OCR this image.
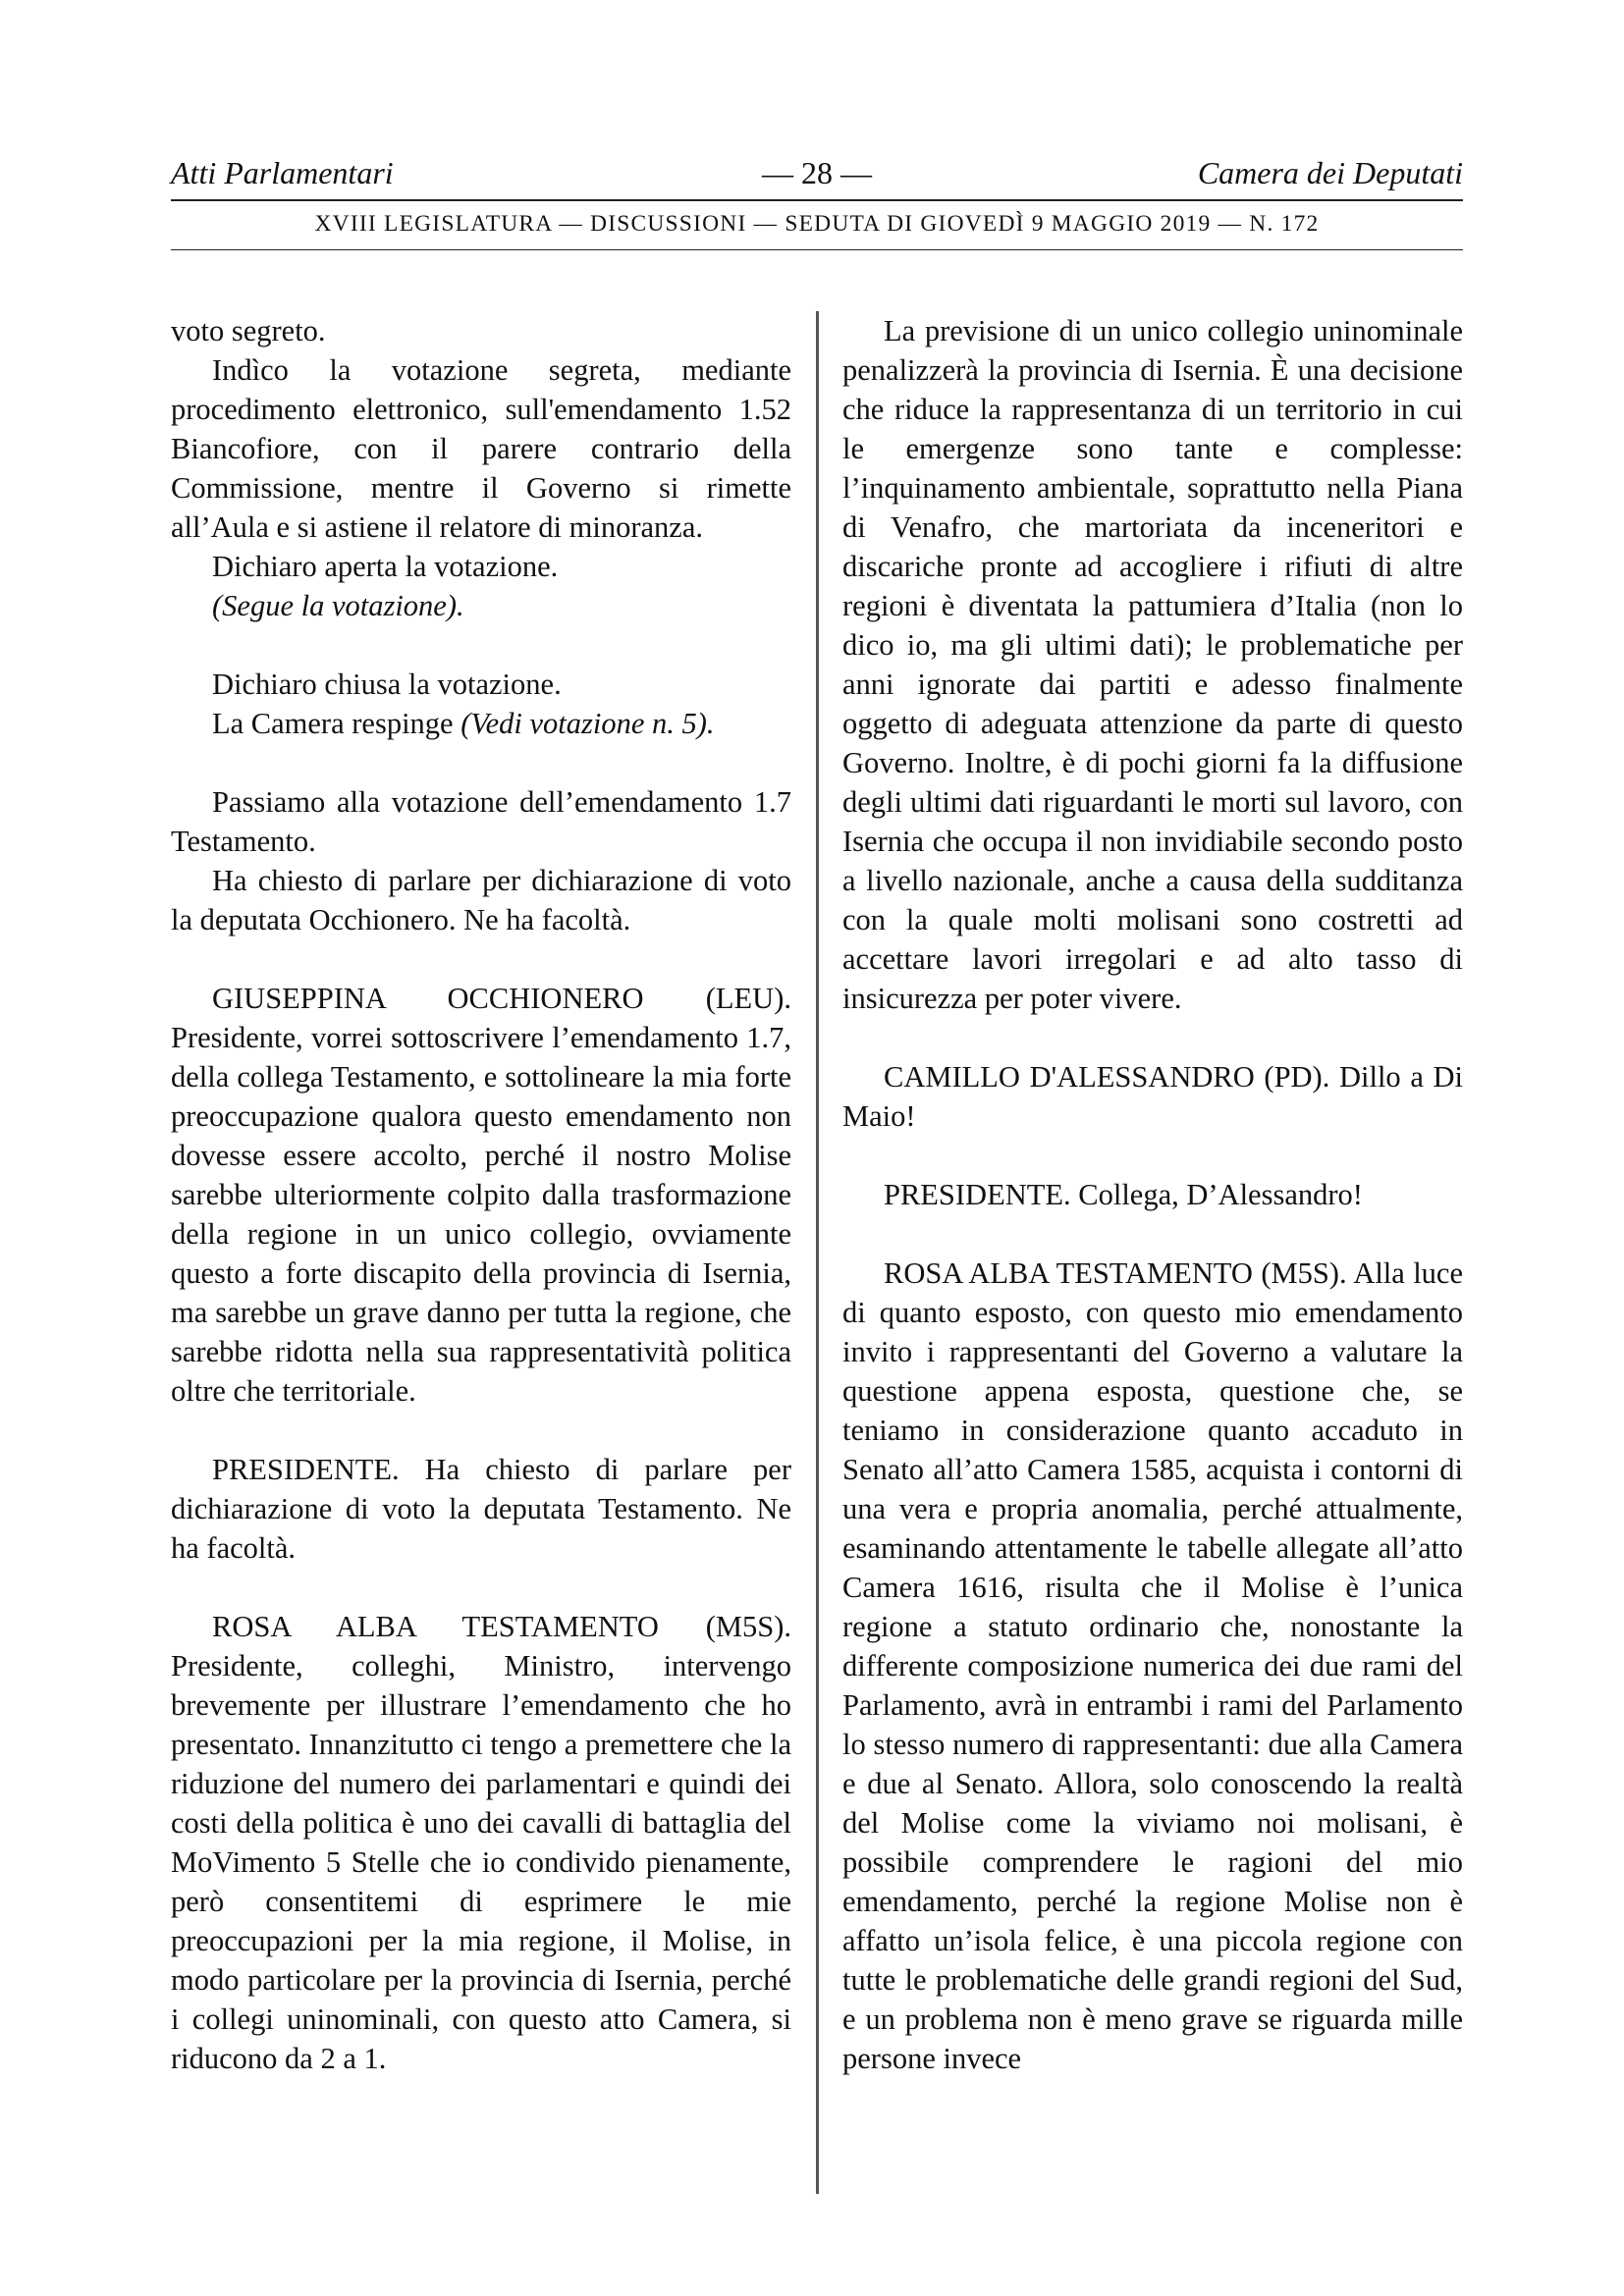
Atti Parlamentari	— 28 —	Camera dei Deputati
XVIII LEGISLATURA — DISCUSSIONI — SEDUTA DI GIOVEDÌ 9 MAGGIO 2019 — N. 172

voto segreto.

Indìco la votazione segreta, mediante procedimento elettronico, sull'emendamento 1.52 Biancofiore, con il parere contrario della Commissione, mentre il Governo si rimette all’Aula e si astiene il relatore di minoranza.

Dichiaro aperta la votazione.

(Segue la votazione).

Dichiaro chiusa la votazione.

La Camera respinge (Vedi votazione n. 5).

Passiamo alla votazione dell’emendamento 1.7 Testamento.

Ha chiesto di parlare per dichiarazione di voto la deputata Occhionero. Ne ha facoltà.

GIUSEPPINA OCCHIONERO (LEU). Presidente, vorrei sottoscrivere l’emendamento 1.7, della collega Testamento, e sottolineare la mia forte preoccupazione qualora questo emendamento non dovesse essere accolto, perché il nostro Molise sarebbe ulteriormente colpito dalla trasformazione della regione in un unico collegio, ovviamente questo a forte discapito della provincia di Isernia, ma sarebbe un grave danno per tutta la regione, che sarebbe ridotta nella sua rappresentatività politica oltre che territoriale.

PRESIDENTE. Ha chiesto di parlare per dichiarazione di voto la deputata Testamento. Ne ha facoltà.

ROSA ALBA TESTAMENTO (M5S). Presidente, colleghi, Ministro, intervengo brevemente per illustrare l’emendamento che ho presentato. Innanzitutto ci tengo a premettere che la riduzione del numero dei parlamentari e quindi dei costi della politica è uno dei cavalli di battaglia del MoVimento 5 Stelle che io condivido pienamente, però consentitemi di esprimere le mie preoccupazioni per la mia regione, il Molise, in modo particolare per la provincia di Isernia, perché i collegi uninominali, con questo atto Camera, si riducono da 2 a 1.

La previsione di un unico collegio uninominale penalizzerà la provincia di Isernia. È una decisione che riduce la rappresentanza di un territorio in cui le emergenze sono tante e complesse: l’inquinamento ambientale, soprattutto nella Piana di Venafro, che martoriata da inceneritori e discariche pronte ad accogliere i rifiuti di altre regioni è diventata la pattumiera d’Italia (non lo dico io, ma gli ultimi dati); le problematiche per anni ignorate dai partiti e adesso finalmente oggetto di adeguata attenzione da parte di questo Governo. Inoltre, è di pochi giorni fa la diffusione degli ultimi dati riguardanti le morti sul lavoro, con Isernia che occupa il non invidiabile secondo posto a livello nazionale, anche a causa della sudditanza con la quale molti molisani sono costretti ad accettare lavori irregolari e ad alto tasso di insicurezza per poter vivere.

CAMILLO D'ALESSANDRO (PD). Dillo a Di Maio!

PRESIDENTE. Collega, D’Alessandro!

ROSA ALBA TESTAMENTO (M5S). Alla luce di quanto esposto, con questo mio emendamento invito i rappresentanti del Governo a valutare la questione appena esposta, questione che, se teniamo in considerazione quanto accaduto in Senato all’atto Camera 1585, acquista i contorni di una vera e propria anomalia, perché attualmente, esaminando attentamente le tabelle allegate all’atto Camera 1616, risulta che il Molise è l’unica regione a statuto ordinario che, nonostante la differente composizione numerica dei due rami del Parlamento, avrà in entrambi i rami del Parlamento lo stesso numero di rappresentanti: due alla Camera e due al Senato. Allora, solo conoscendo la realtà del Molise come la viviamo noi molisani, è possibile comprendere le ragioni del mio emendamento, perché la regione Molise non è affatto un’isola felice, è una piccola regione con tutte le problematiche delle grandi regioni del Sud, e un problema non è meno grave se riguarda mille persone invece
